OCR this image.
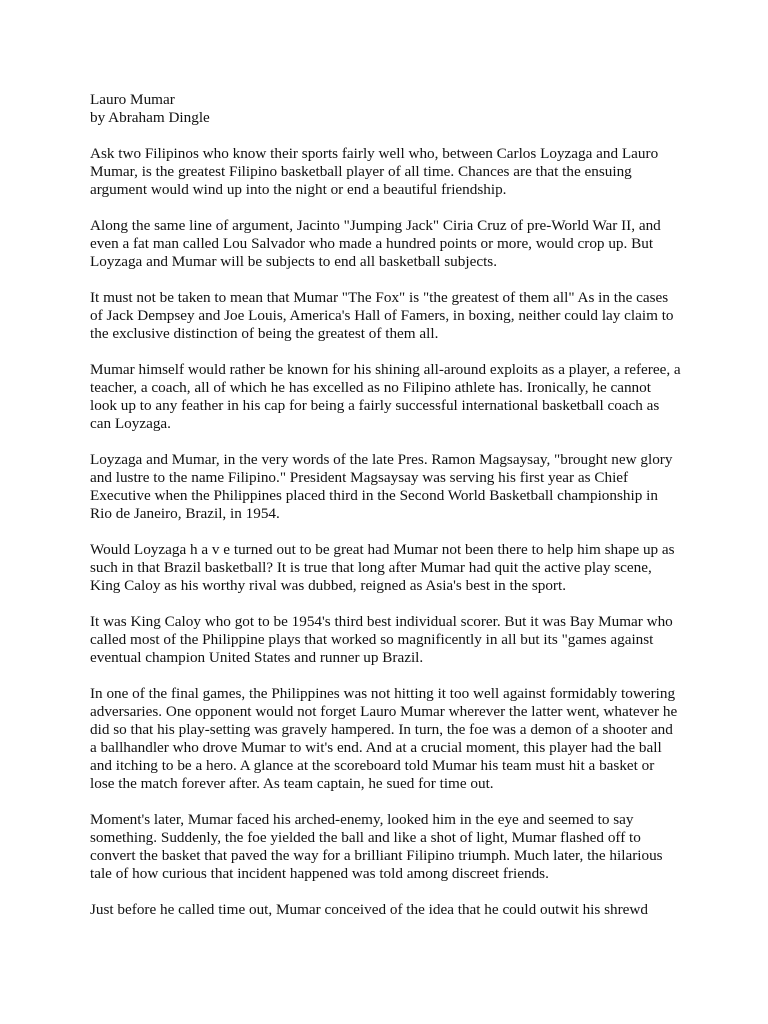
Lauro Mumar
by Abraham Dingle

Ask two Filipinos who know their sports fairly well who, between Carlos Loyzaga and Lauro
Mumar, is the greatest Filipino basketball player of all time. Chances are that the ensuing
argument would wind up into the night or end a beautiful friendship.

Along the same line of argument, Jacinto "Jumping Jack" Ciria Cruz of pre-World War II, and
even a fat man called Lou Salvador who made a hundred points or more, would crop up. But
Loyzaga and Mumar will be subjects to end all basketball subjects.

It must not be taken to mean that Mumar "The Fox" is "the greatest of them all" As in the cases
of Jack Dempsey and Joe Louis, America's Hall of Famers, in boxing, neither could lay claim to
the exclusive distinction of being the greatest of them all.

Mumar himself would rather be known for his shining all-around exploits as a player, a referee, a
teacher, a coach, all of which he has excelled as no Filipino athlete has. Ironically, he cannot
look up to any feather in his cap for being a fairly successful international basketball coach as
can Loyzaga.

Loyzaga and Mumar, in the very words of the late Pres. Ramon Magsaysay, "brought new glory
and lustre to the name Filipino." President Magsaysay was serving his first year as Chief
Executive when the Philippines placed third in the Second World Basketball championship in
Rio de Janeiro, Brazil, in 1954.

Would Loyzaga h a v e turned out to be great had Mumar not been there to help him shape up as
such in that Brazil basketball? It is true that long after Mumar had quit the active play scene,
King Caloy as his worthy rival was dubbed, reigned as Asia's best in the sport.

It was King Caloy who got to be 1954's third best individual scorer. But it was Bay Mumar who
called most of the Philippine plays that worked so magnificently in all but its "games against
eventual champion United States and runner up Brazil.

In one of the final games, the Philippines was not hitting it too well against formidably towering
adversaries. One opponent would not forget Lauro Mumar wherever the latter went, whatever he
did so that his play-setting was gravely hampered. In turn, the foe was a demon of a shooter and
a ballhandler who drove Mumar to wit's end. And at a crucial moment, this player had the ball
and itching to be a hero. A glance at the scoreboard told Mumar his team must hit a basket or
lose the match forever after. As team captain, he sued for time out.

Moment's later, Mumar faced his arched-enemy, looked him in the eye and seemed to say
something. Suddenly, the foe yielded the ball and like a shot of light, Mumar flashed off to
convert the basket that paved the way for a brilliant Filipino triumph. Much later, the hilarious
tale of how curious that incident happened was told among discreet friends.

Just before he called time out, Mumar conceived of the idea that he could outwit his shrewd
